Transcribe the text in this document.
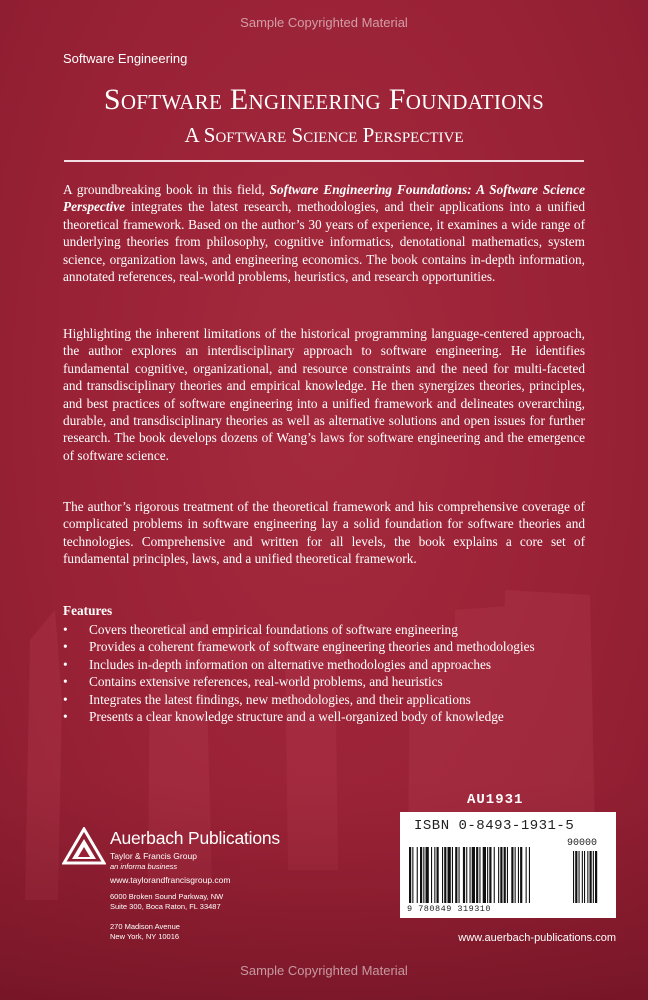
Sample Copyrighted Material
Sample Copyrighted Material
Software Engineering
Software Engineering Foundations
A Software Science Perspective

A groundbreaking book in this field, Software Engineering Foundations: A Software Science Perspective integrates the latest research, methodologies, and their applications into a unified theoretical framework. Based on the author’s 30 years of experience, it examines a wide range of underlying theories from philosophy, cognitive informatics, denotational mathematics, system science, organization laws, and engineering economics. The book contains in-depth information, annotated references, real-world problems, heuristics, and research opportunities.

Highlighting the inherent limitations of the historical programming language-centered approach, the author explores an interdisciplinary approach to software engineering. He identifies fundamental cognitive, organizational, and resource constraints and the need for multi-faceted and transdisciplinary theories and empirical knowledge. He then synergizes theories, principles, and best practices of software engineering into a unified framework and delineates overarching, durable, and transdisciplinary theories as well as alternative solutions and open issues for further research. The book develops dozens of Wang’s laws for software engineering and the emergence of software science.

The author’s rigorous treatment of the theoretical framework and his comprehensive coverage of complicated problems in software engineering lay a solid foundation for software theories and technologies. Comprehensive and written for all levels, the book explains a core set of fundamental principles, laws, and a unified theoretical framework.

Features

• Covers theoretical and empirical foundations of software engineering
• Provides a coherent framework of software engineering theories and methodologies
• Includes in-depth information on alternative methodologies and approaches
• Contains extensive references, real-world problems, and heuristics
• Integrates the latest findings, new methodologies, and their applications
• Presents a clear knowledge structure and a well-organized body of knowledge
AU1931
ISBN 0-8493-1931-5
90000
9 780849 319310
Auerbach Publications
Taylor & Francis Group
an informa business
www.taylorandfrancisgroup.com
6000 Broken Sound Parkway, NW
Suite 300, Boca Raton, FL 33487
270 Madison Avenue
New York, NY 10016	www.auerbach-publications.com
